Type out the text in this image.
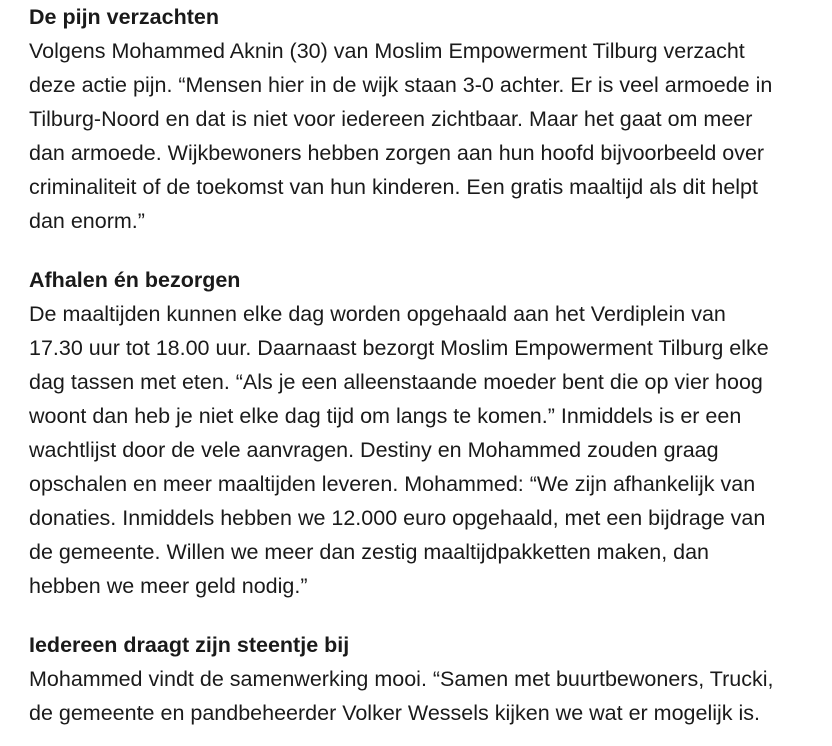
De pijn verzachten

Volgens Mohammed Aknin (30) van Moslim Empowerment Tilburg verzacht
deze actie pijn. “Mensen hier in de wijk staan 3-0 achter. Er is veel armoede in
Tilburg-Noord en dat is niet voor iedereen zichtbaar. Maar het gaat om meer
dan armoede. Wijkbewoners hebben zorgen aan hun hoofd bijvoorbeeld over
criminaliteit of de toekomst van hun kinderen. Een gratis maaltijd als dit helpt
dan enorm.”

Afhalen én bezorgen

De maaltijden kunnen elke dag worden opgehaald aan het Verdiplein van
17.30 uur tot 18.00 uur. Daarnaast bezorgt Moslim Empowerment Tilburg elke
dag tassen met eten. “Als je een alleenstaande moeder bent die op vier hoog
woont dan heb je niet elke dag tijd om langs te komen.” Inmiddels is er een
wachtlijst door de vele aanvragen. Destiny en Mohammed zouden graag
opschalen en meer maaltijden leveren. Mohammed: “We zijn afhankelijk van
donaties. Inmiddels hebben we 12.000 euro opgehaald, met een bijdrage van
de gemeente. Willen we meer dan zestig maaltijdpakketten maken, dan
hebben we meer geld nodig.”

Iedereen draagt zijn steentje bij

Mohammed vindt de samenwerking mooi. “Samen met buurtbewoners, Trucki,
de gemeente en pandbeheerder Volker Wessels kijken we wat er mogelijk is.
